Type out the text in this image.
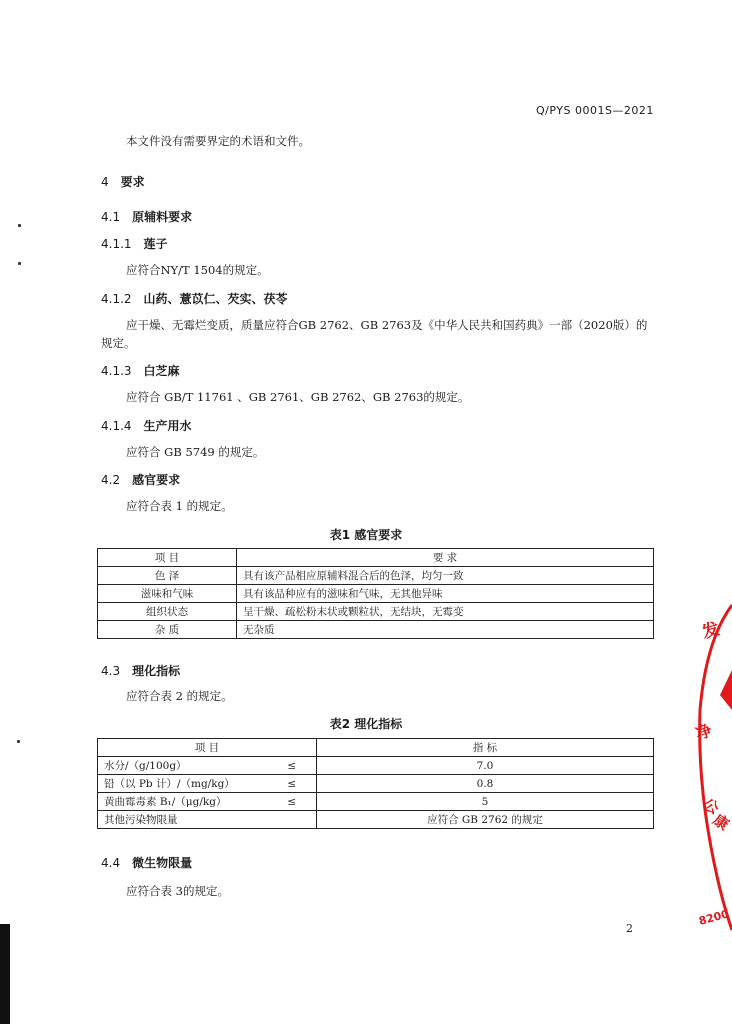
Q/PYS 0001S—2021
本文件没有需要界定的术语和文件。
4 要求
4.1 原辅料要求
4.1.1 莲子
应符合NY/T 1504的规定。
4.1.2 山药、薏苡仁、芡实、茯苓
应干燥、无霉烂变质，质量应符合GB 2762、GB 2763及《中华人民共和国药典》一部（2020版）的
规定。
4.1.3 白芝麻
应符合 GB/T 11761 、GB 2761、GB 2762、GB 2763的规定。
4.1.4 生产用水
应符合 GB 5749 的规定。
4.2 感官要求
应符合表 1 的规定。
表1 感官要求
项 目	要 求
色 泽	具有该产品相应原辅料混合后的色泽，均匀一致
滋味和气味	具有该品种应有的滋味和气味，无其他异味
组织状态	呈干燥、疏松粉末状或颗粒状，无结块，无霉变
杂 质	无杂质
4.3 理化指标
应符合表 2 的规定。
表2 理化指标
项 目		指 标
水分/（g/100g）	≤	7.0
铅（以 Pb 计）/（mg/kg）	≤	0.8
黄曲霉毒素 B₁/（μg/kg）	≤	5
其他污染物限量		应符合 GB 2762 的规定
4.4 微生物限量
应符合表 3的规定。
2
发
净
公
康
8200
